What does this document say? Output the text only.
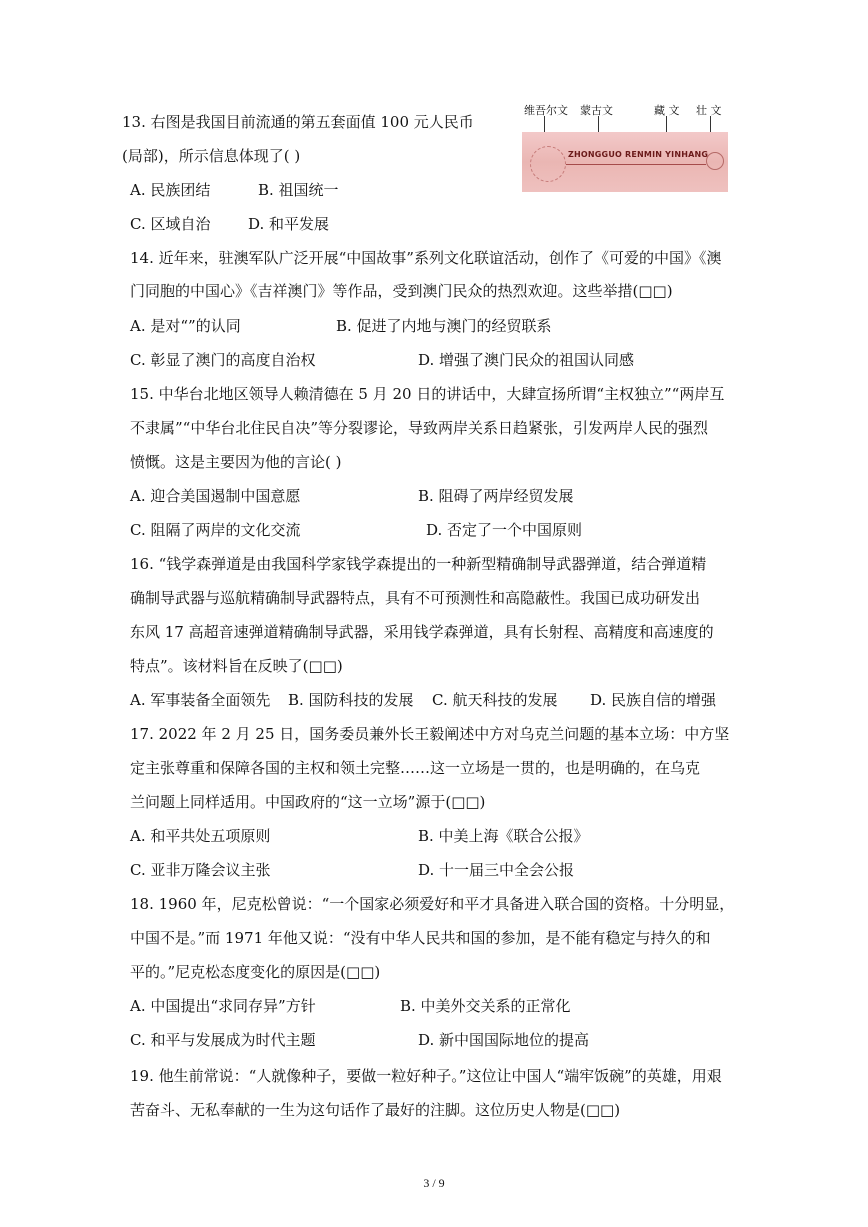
13. 右图是我国目前流通的第五套面值 100 元人民币
(局部)，所示信息体现了( )
A. 民族团结	B. 祖国统一
C. 区域自治	D. 和平发展
维吾尔文 蒙古文	藏 文 壮 文
ZHONGGUO RENMIN YINHANG
14. 近年来，驻澳军队广泛开展“中国故事”系列文化联谊活动，创作了《可爱的中国》《澳
门同胞的中国心》《吉祥澳门》等作品，受到澳门民众的热烈欢迎。这些举措(□□)
A. 是对“”的认同	B. 促进了内地与澳门的经贸联系
C. 彰显了澳门的高度自治权	D. 增强了澳门民众的祖国认同感
15. 中华台北地区领导人赖清德在 5 月 20 日的讲话中，大肆宣扬所谓“主权独立”“两岸互
不隶属”“中华台北住民自决”等分裂谬论，导致两岸关系日趋紧张，引发两岸人民的强烈
愤慨。这是主要因为他的言论( )
A. 迎合美国遏制中国意愿	B. 阻碍了两岸经贸发展
C. 阻隔了两岸的文化交流	D. 否定了一个中国原则
16. “钱学森弹道是由我国科学家钱学森提出的一种新型精确制导武器弹道，结合弹道精
确制导武器与巡航精确制导武器特点，具有不可预测性和高隐蔽性。我国已成功研发出
东风 17 高超音速弹道精确制导武器，采用钱学森弹道，具有长射程、高精度和高速度的
特点”。该材料旨在反映了(□□)
A. 军事装备全面领先 B. 国防科技的发展 C. 航天科技的发展 D. 民族自信的增强
17. 2022 年 2 月 25 日，国务委员兼外长王毅阐述中方对乌克兰问题的基本立场：中方坚
定主张尊重和保障各国的主权和领土完整……这一立场是一贯的，也是明确的，在乌克
兰问题上同样适用。中国政府的“这一立场”源于(□□)
A. 和平共处五项原则	B. 中美上海《联合公报》
C. 亚非万隆会议主张	D. 十一届三中全会公报
18. 1960 年，尼克松曾说：“一个国家必须爱好和平才具备进入联合国的资格。十分明显，
中国不是。”而 1971 年他又说：“没有中华人民共和国的参加，是不能有稳定与持久的和
平的。”尼克松态度变化的原因是(□□)
A. 中国提出“求同存异”方针	B. 中美外交关系的正常化
C. 和平与发展成为时代主题	D. 新中国国际地位的提高
19. 他生前常说：“人就像种子，要做一粒好种子。”这位让中国人“端牢饭碗”的英雄，用艰
苦奋斗、无私奉献的一生为这句话作了最好的注脚。这位历史人物是(□□)
3 / 9
